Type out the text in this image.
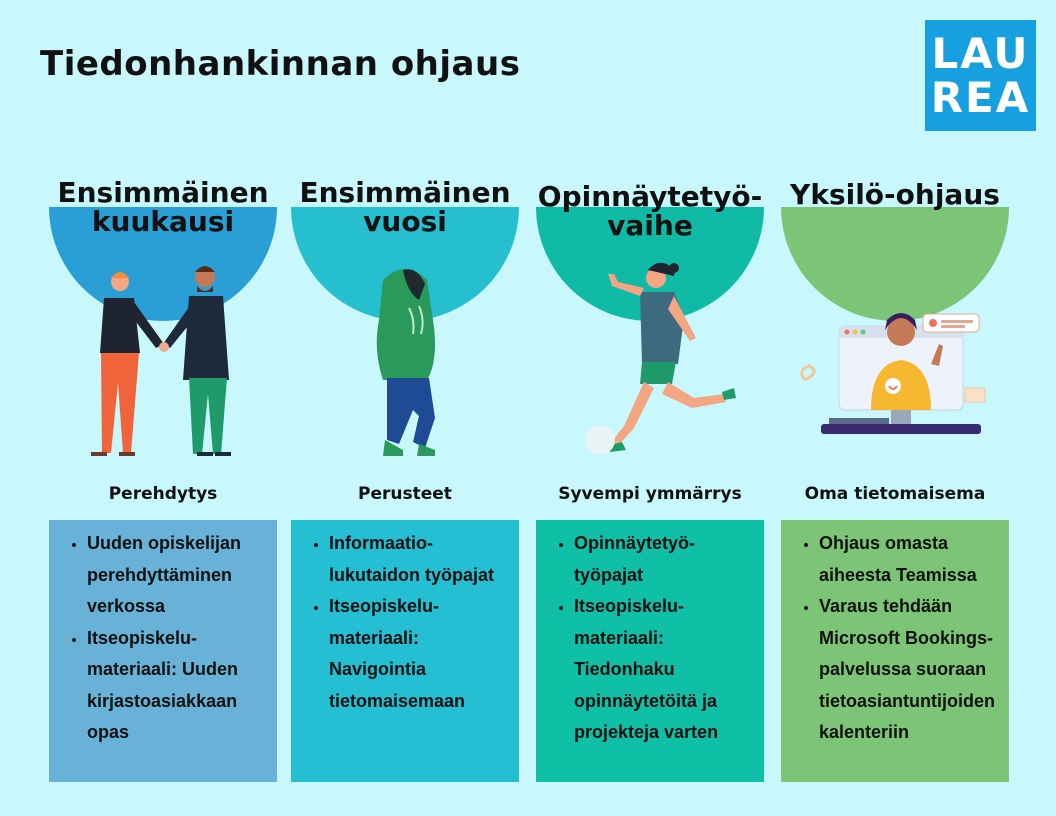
Tiedonhankinnan ohjaus	LAU
REA
Ensimmäinen kuukausi
Perehdytys
• Uuden opiskelijan perehdyttäminen verkossa
• Itseopiskelu-materiaali: Uuden kirjastoasiakkaan opas
Ensimmäinen vuosi
Perusteet
• Informaatio-lukutaidon työpajat
• Itseopiskelu-materiaali: Navigointia tietomaisemaan
Opinnäytetyö-vaihe
Syvempi ymmärrys
• Opinnäytetyö-työpajat
• Itseopiskelu-materiaali: Tiedonhaku opinnäytetöitä ja projekteja varten
Yksilö-ohjaus
Oma tietomaisema
• Ohjaus omasta aiheesta Teamissa
• Varaus tehdään Microsoft Bookings-palvelussa suoraan tietoasiantuntijoiden kalenteriin
